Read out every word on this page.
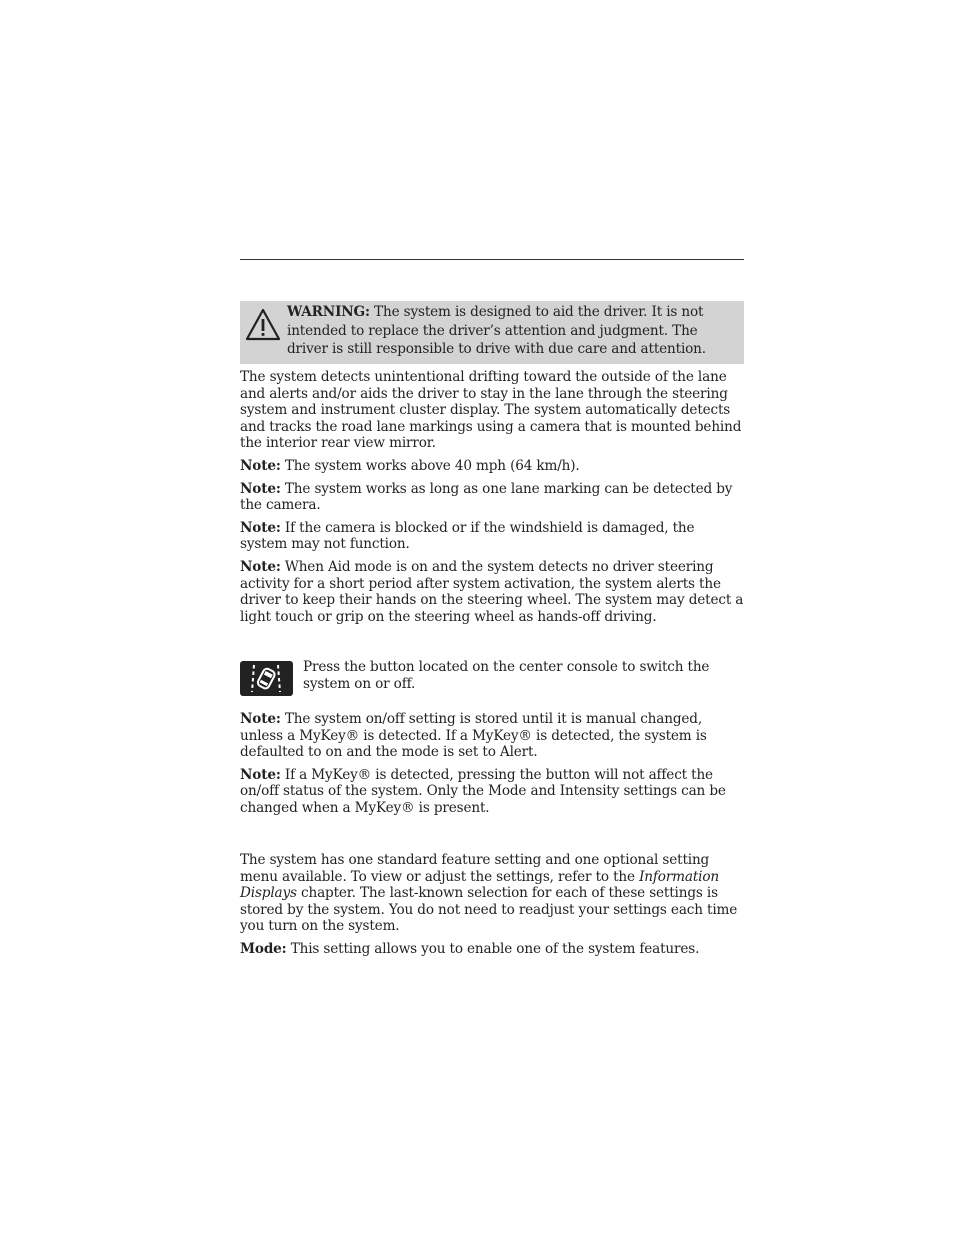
WARNING: The system is designed to aid the driver. It is not intended to replace the driver’s attention and judgment. The driver is still responsible to drive with due care and attention.

The system detects unintentional drifting toward the outside of the lane and alerts and/or aids the driver to stay in the lane through the steering system and instrument cluster display. The system automatically detects and tracks the road lane markings using a camera that is mounted behind the interior rear view mirror.

Note: The system works above 40 mph (64 km/h).

Note: The system works as long as one lane marking can be detected by the camera.

Note: If the camera is blocked or if the windshield is damaged, the system may not function.

Note: When Aid mode is on and the system detects no driver steering activity for a short period after system activation, the system alerts the driver to keep their hands on the steering wheel. The system may detect a light touch or grip on the steering wheel as hands-off driving.

Press the button located on the center console to switch the system on or off.

Note: The system on/off setting is stored until it is manual changed, unless a MyKey® is detected. If a MyKey® is detected, the system is defaulted to on and the mode is set to Alert.

Note: If a MyKey® is detected, pressing the button will not affect the on/off status of the system. Only the Mode and Intensity settings can be changed when a MyKey® is present.

The system has one standard feature setting and one optional setting menu available. To view or adjust the settings, refer to the Information Displays chapter. The last-known selection for each of these settings is stored by the system. You do not need to readjust your settings each time you turn on the system.

Mode: This setting allows you to enable one of the system features.
